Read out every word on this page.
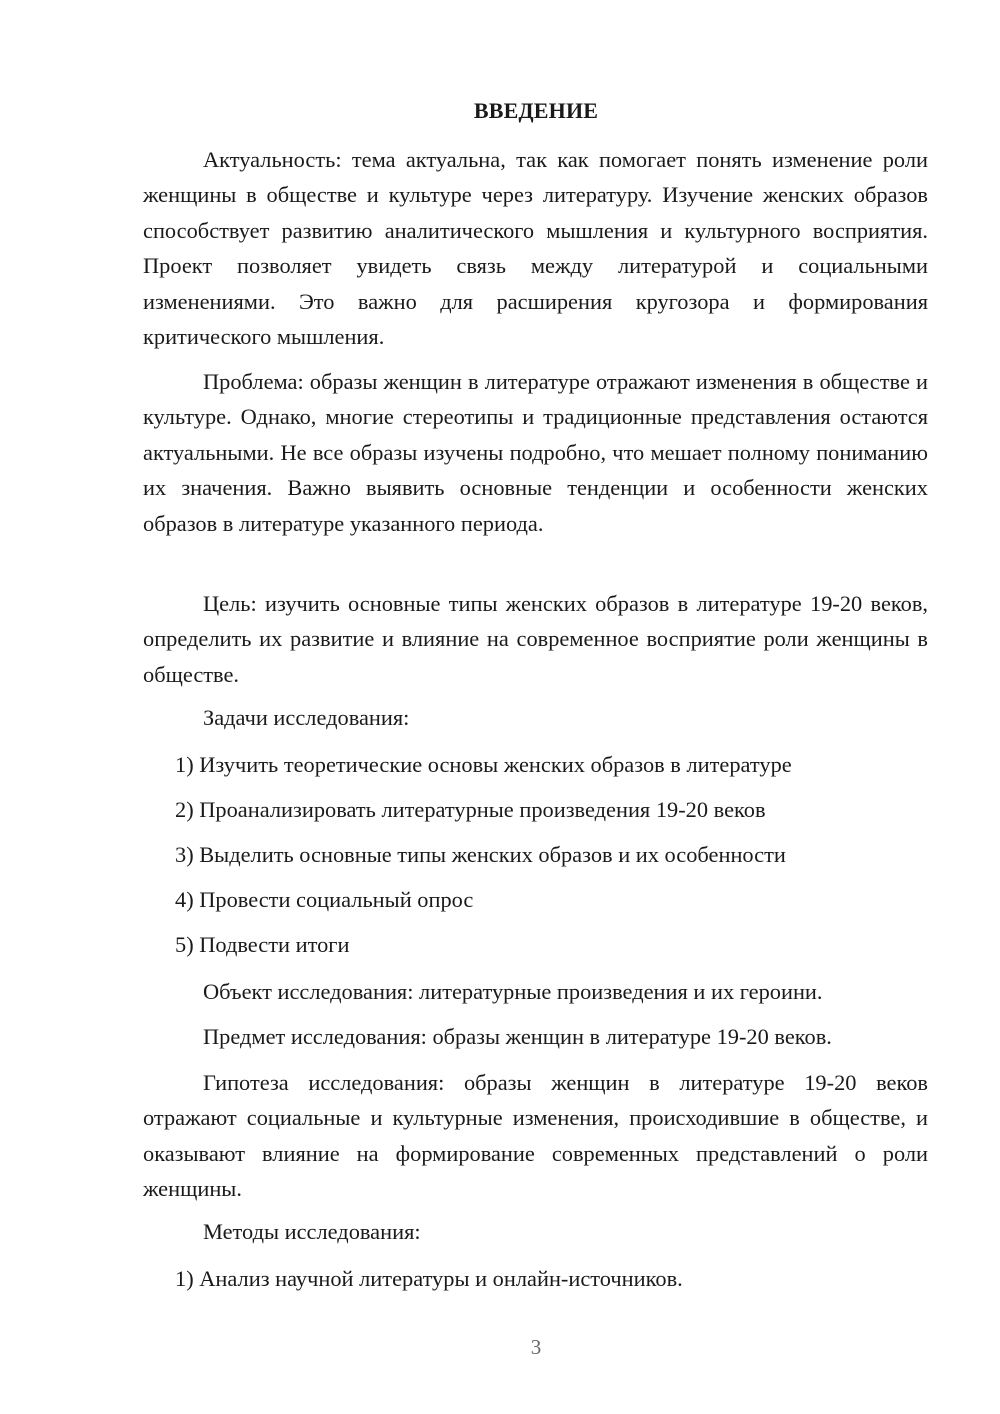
ВВЕДЕНИЕ

Актуальность: тема актуальна, так как помогает понять изменение роли женщины в обществе и культуре через литературу. Изучение женских образов способствует развитию аналитического мышления и культурного восприятия. Проект позволяет увидеть связь между литературой и социальными изменениями. Это важно для расширения кругозора и формирования критического мышления.

Проблема: образы женщин в литературе отражают изменения в обществе и культуре. Однако, многие стереотипы и традиционные представления остаются актуальными. Не все образы изучены подробно, что мешает полному пониманию их значения. Важно выявить основные тенденции и особенности женских образов в литературе указанного периода.

Цель: изучить основные типы женских образов в литературе 19-20 веков, определить их развитие и влияние на современное восприятие роли женщины в обществе.

Задачи исследования:
1) Изучить теоретические основы женских образов в литературе
2) Проанализировать литературные произведения 19-20 веков
3) Выделить основные типы женских образов и их особенности
4) Провести социальный опрос
5) Подвести итоги
Объект исследования: литературные произведения и их героини.
Предмет исследования: образы женщин в литературе 19-20 веков.

Гипотеза исследования: образы женщин в литературе 19-20 веков отражают социальные и культурные изменения, происходившие в обществе, и оказывают влияние на формирование современных представлений о роли женщины.

Методы исследования:
1) Анализ научной литературы и онлайн-источников.
3
